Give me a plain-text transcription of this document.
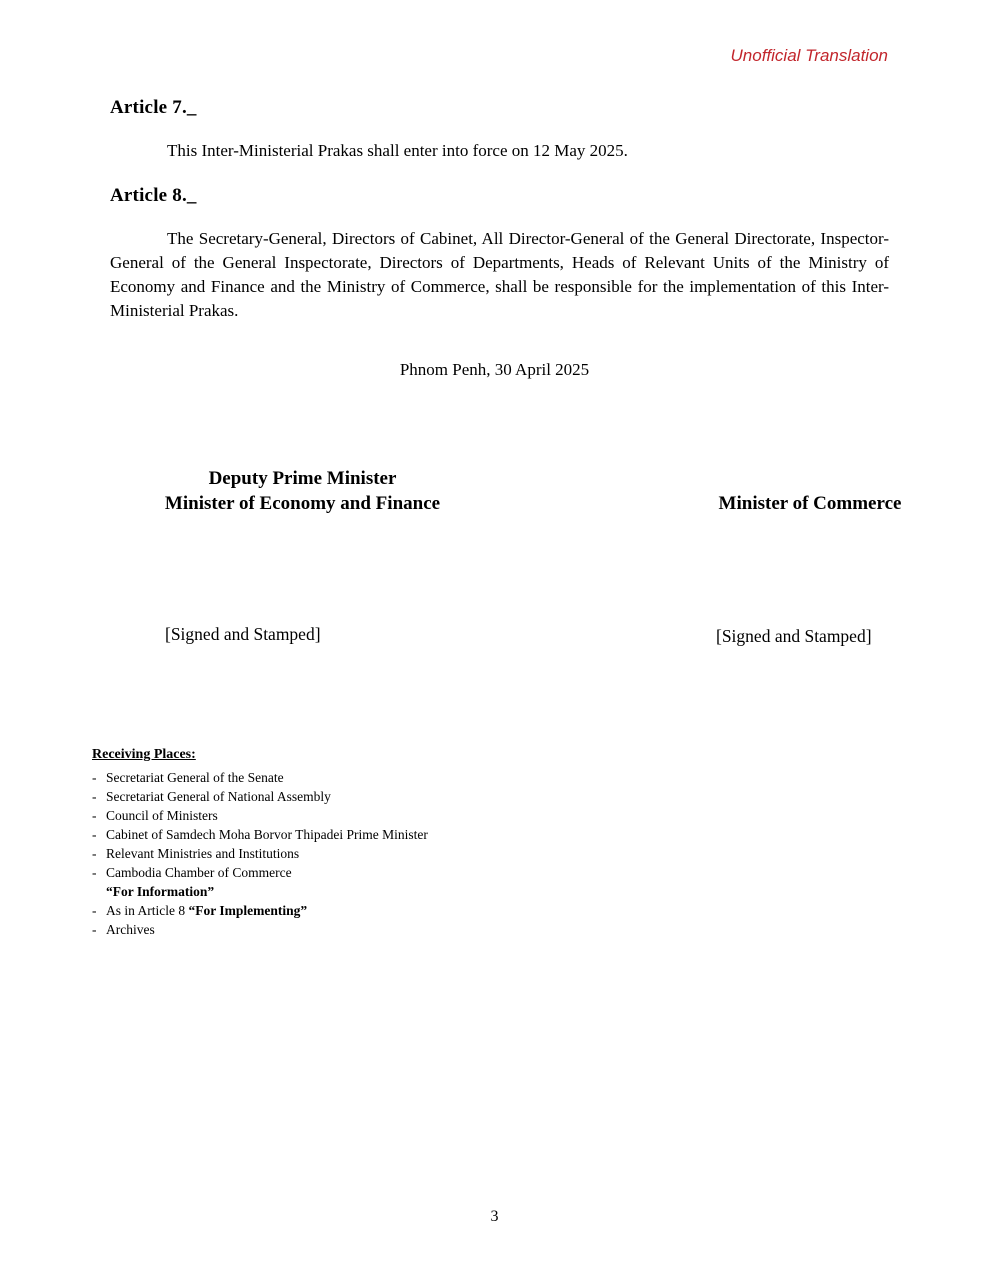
Unofficial Translation
Article 7._

This Inter-Ministerial Prakas shall enter into force on 12 May 2025.

Article 8._

The Secretary-General, Directors of Cabinet, All Director-General of the General Directorate, Inspector-General of the General Inspectorate, Directors of Departments, Heads of Relevant Units of the Ministry of Economy and Finance and the Ministry of Commerce, shall be responsible for the implementation of this Inter-Ministerial Prakas.

Phnom Penh, 30 April 2025
Deputy Prime Minister
Minister of Economy and Finance	Minister of Commerce
[Signed and Stamped]	[Signed and Stamped]
Receiving Places:
- Secretariat General of the Senate
- Secretariat General of National Assembly
- Council of Ministers
- Cabinet of Samdech Moha Borvor Thipadei Prime Minister
- Relevant Ministries and Institutions
- Cambodia Chamber of Commerce
“For Information”
- As in Article 8 “For Implementing”
- Archives
3
